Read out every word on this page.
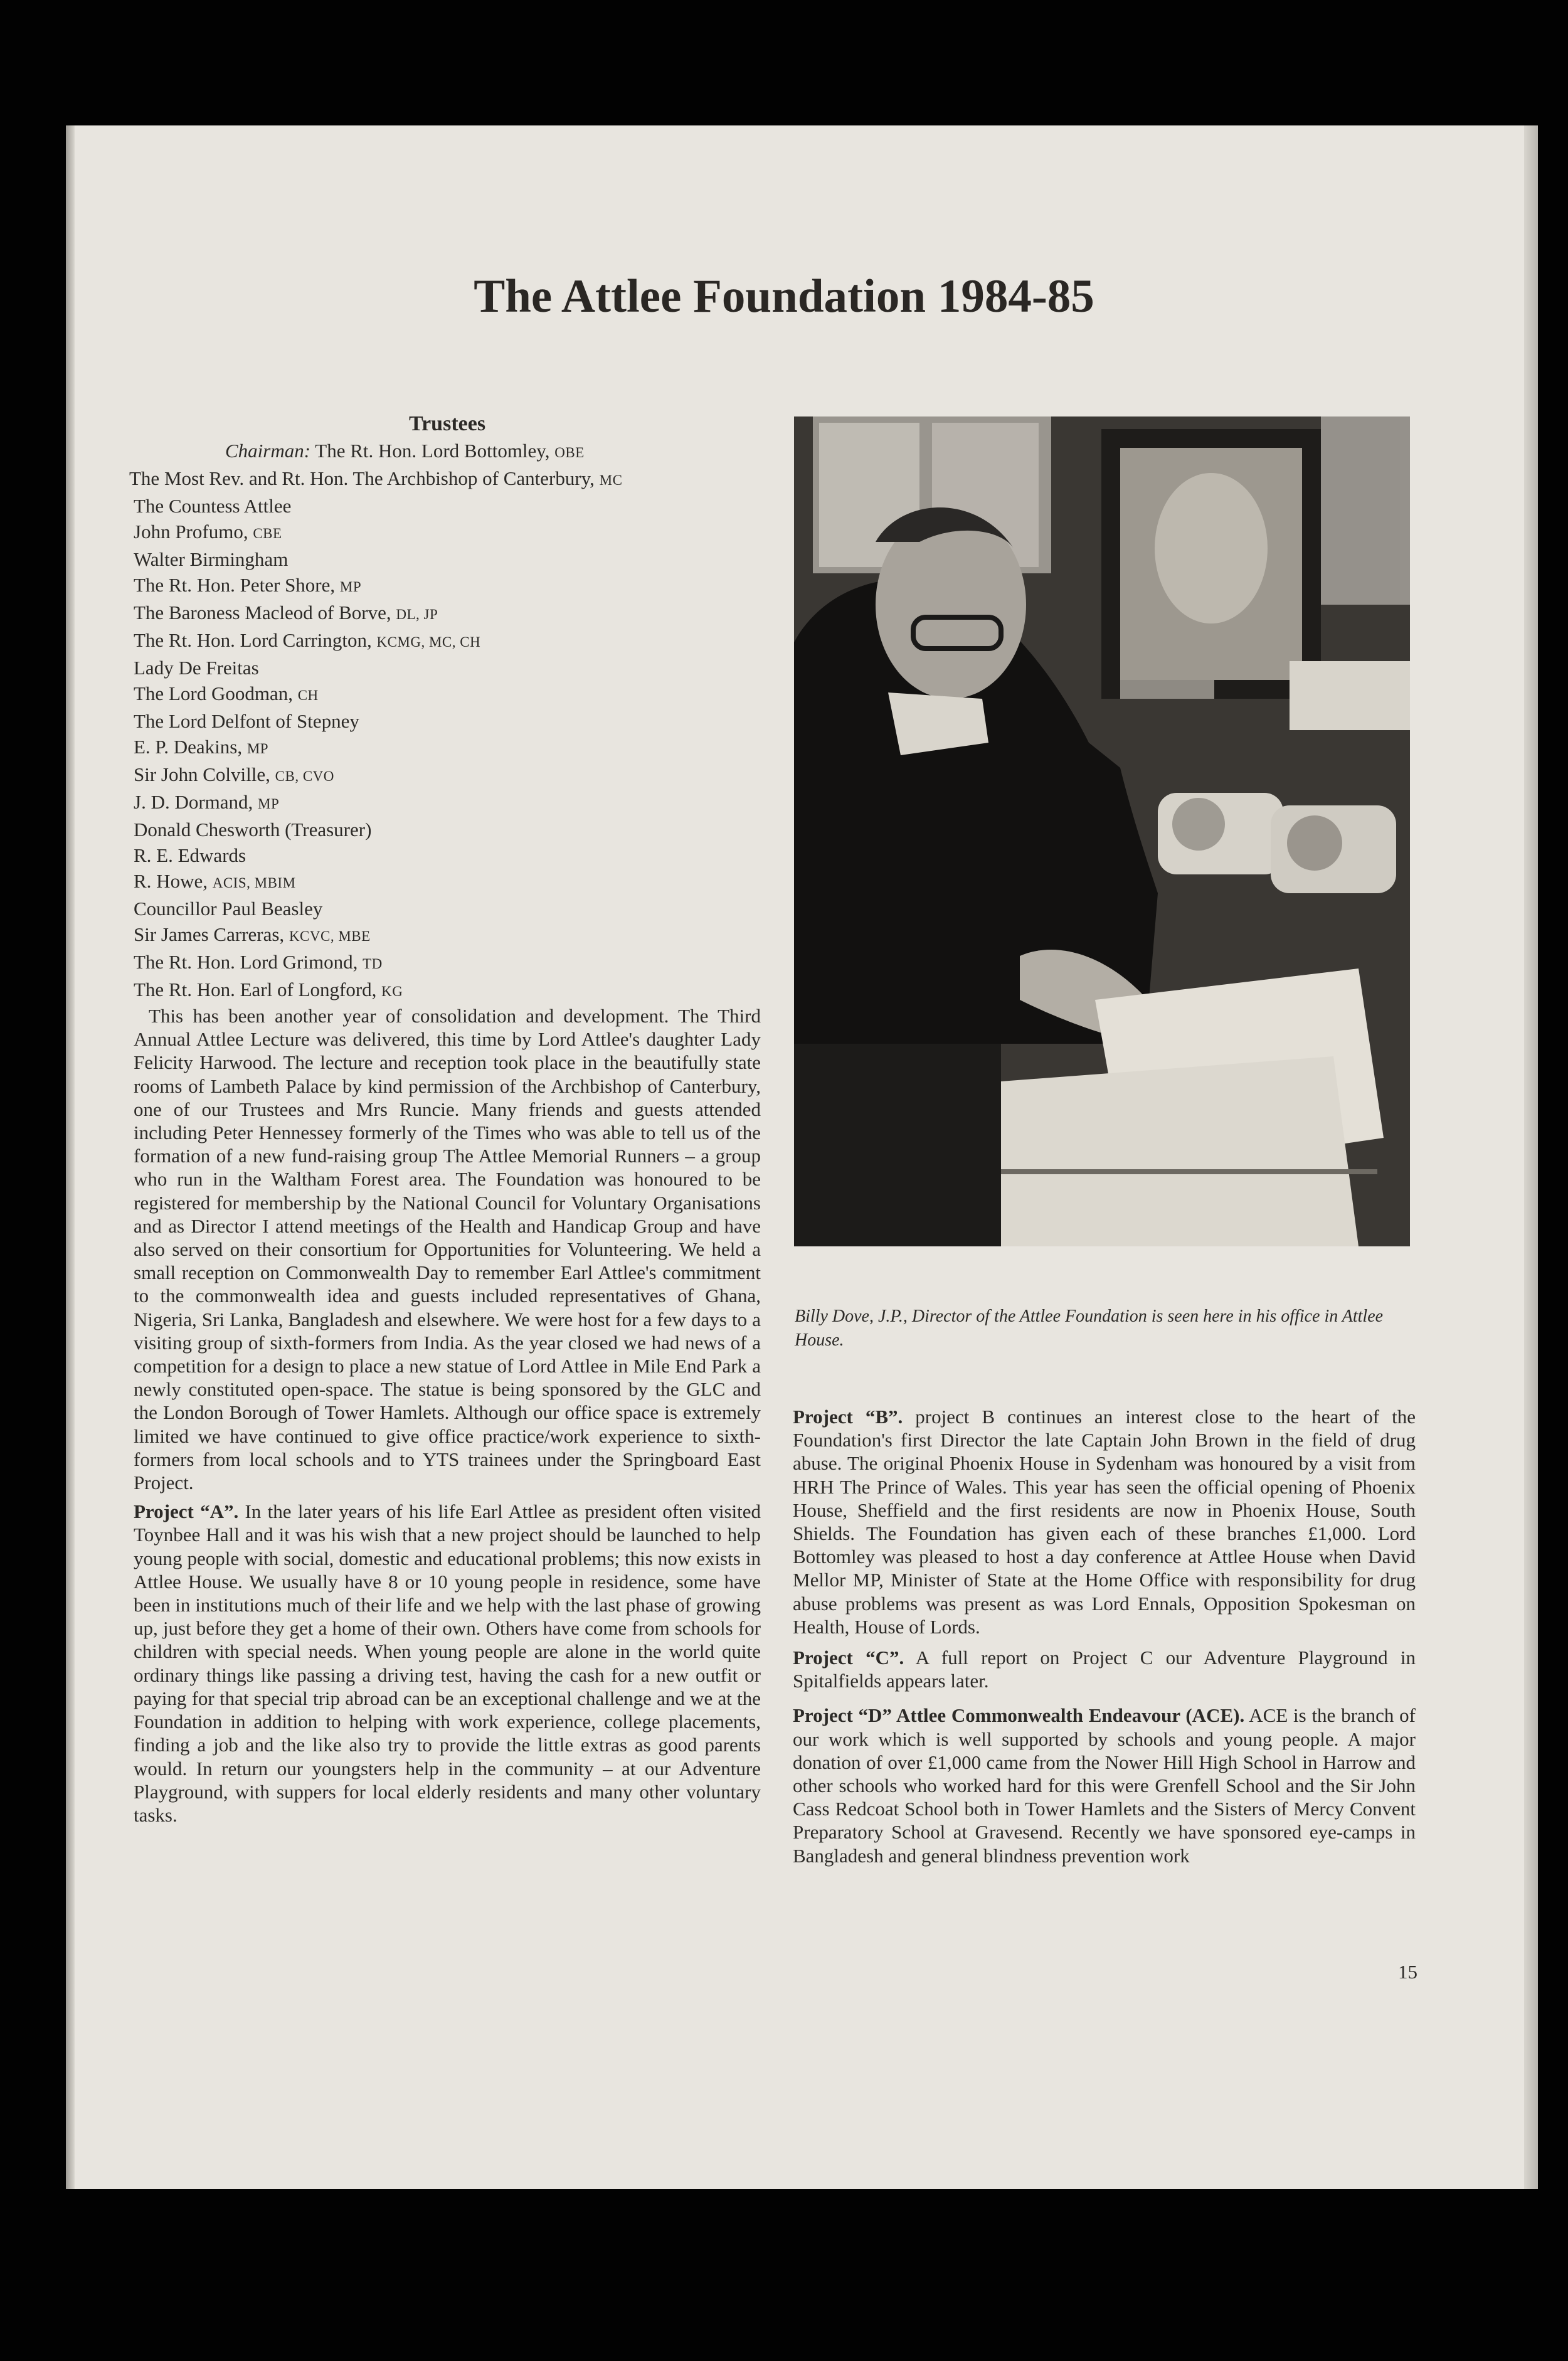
The Attlee Foundation 1984-85
Trustees
Chairman: The Rt. Hon. Lord Bottomley, OBE
The Most Rev. and Rt. Hon. The Archbishop of Canterbury, MC
The Countess Attlee
John Profumo, CBE
Walter Birmingham
The Rt. Hon. Peter Shore, MP
The Baroness Macleod of Borve, DL, JP
The Rt. Hon. Lord Carrington, KCMG, MC, CH
Lady De Freitas
The Lord Goodman, CH
The Lord Delfont of Stepney
E. P. Deakins, MP
Sir John Colville, CB, CVO
J. D. Dormand, MP
Donald Chesworth (Treasurer)
R. E. Edwards
R. Howe, ACIS, MBIM
Councillor Paul Beasley
Sir James Carreras, KCVC, MBE
The Rt. Hon. Lord Grimond, TD
The Rt. Hon. Earl of Longford, KG

This has been another year of consolidation and development. The Third Annual Attlee Lecture was delivered, this time by Lord Attlee's daughter Lady Felicity Harwood. The lecture and reception took place in the beautifully state rooms of Lambeth Palace by kind permission of the Archbishop of Canterbury, one of our Trustees and Mrs Runcie. Many friends and guests attended including Peter Hennessey formerly of the Times who was able to tell us of the formation of a new fund-raising group The Attlee Memorial Runners – a group who run in the Waltham Forest area. The Foundation was honoured to be registered for membership by the National Council for Voluntary Organisations and as Director I attend meetings of the Health and Handicap Group and have also served on their consortium for Opportunities for Volunteering. We held a small reception on Commonwealth Day to remember Earl Attlee's commitment to the commonwealth idea and guests included representatives of Ghana, Nigeria, Sri Lanka, Bangladesh and elsewhere. We were host for a few days to a visiting group of sixth-formers from India. As the year closed we had news of a competition for a design to place a new statue of Lord Attlee in Mile End Park a newly constituted open-space. The statue is being sponsored by the GLC and the London Borough of Tower Hamlets. Although our office space is extremely limited we have continued to give office practice/work experience to sixth-formers from local schools and to YTS trainees under the Springboard East Project.

Project “A”. In the later years of his life Earl Attlee as president often visited Toynbee Hall and it was his wish that a new project should be launched to help young people with social, domestic and educational problems; this now exists in Attlee House. We usually have 8 or 10 young people in residence, some have been in institutions much of their life and we help with the last phase of growing up, just before they get a home of their own. Others have come from schools for children with special needs. When young people are alone in the world quite ordinary things like passing a driving test, having the cash for a new outfit or paying for that special trip abroad can be an exceptional challenge and we at the Foundation in addition to helping with work experience, college placements, finding a job and the like also try to provide the little extras as good parents would. In return our youngsters help in the community – at our Adventure Playground, with suppers for local elderly residents and many other voluntary tasks.

Billy Dove, J.P., Director of the Attlee Foundation is seen here in his office in Attlee House.

Project “B”. project B continues an interest close to the heart of the Foundation's first Director the late Captain John Brown in the field of drug abuse. The original Phoenix House in Sydenham was honoured by a visit from HRH The Prince of Wales. This year has seen the official opening of Phoenix House, Sheffield and the first residents are now in Phoenix House, South Shields. The Foundation has given each of these branches £1,000. Lord Bottomley was pleased to host a day conference at Attlee House when David Mellor MP, Minister of State at the Home Office with responsibility for drug abuse problems was present as was Lord Ennals, Opposition Spokesman on Health, House of Lords.

Project “C”. A full report on Project C our Adventure Playground in Spitalfields appears later.

Project “D” Attlee Commonwealth Endeavour (ACE). ACE is the branch of our work which is well supported by schools and young people. A major donation of over £1,000 came from the Nower Hill High School in Harrow and other schools who worked hard for this were Grenfell School and the Sir John Cass Redcoat School both in Tower Hamlets and the Sisters of Mercy Convent Preparatory School at Gravesend. Recently we have sponsored eye-camps in Bangladesh and general blindness prevention work

15
